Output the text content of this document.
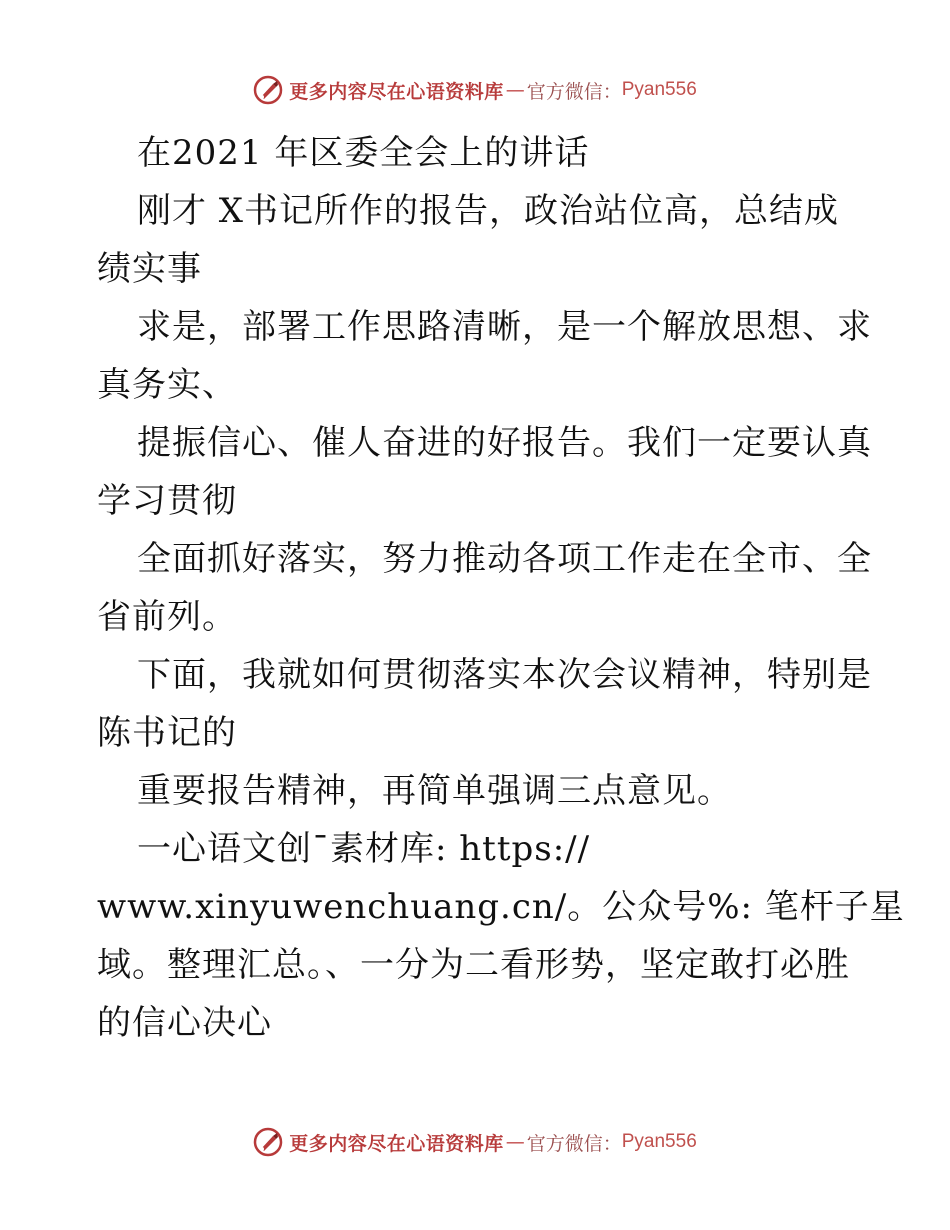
更多内容尽在心语资料库 — 官方微信： Pyan556
在2021 年区委全会上的讲话
刚才 X书记所作的报告，政治站位高，总结成
绩实事
求是，部署工作思路清晰，是一个解放思想、求
真务实、
提振信心、催人奋进的好报告。我们一定要认真
学习贯彻
全面抓好落实，努力推动各项工作走在全市、全
省前列。
下面，我就如何贯彻落实本次会议精神，特别是
陈书记的
重要报告精神，再简单强调三点意见。
一心语文创¯素材库: https://
www.xinyuwenchuang.cn/。公众号%: 笔杆子星
域。整理汇总。、一分为二看形势，坚定敢打必胜
的信心决心
更多内容尽在心语资料库 — 官方微信： Pyan556
